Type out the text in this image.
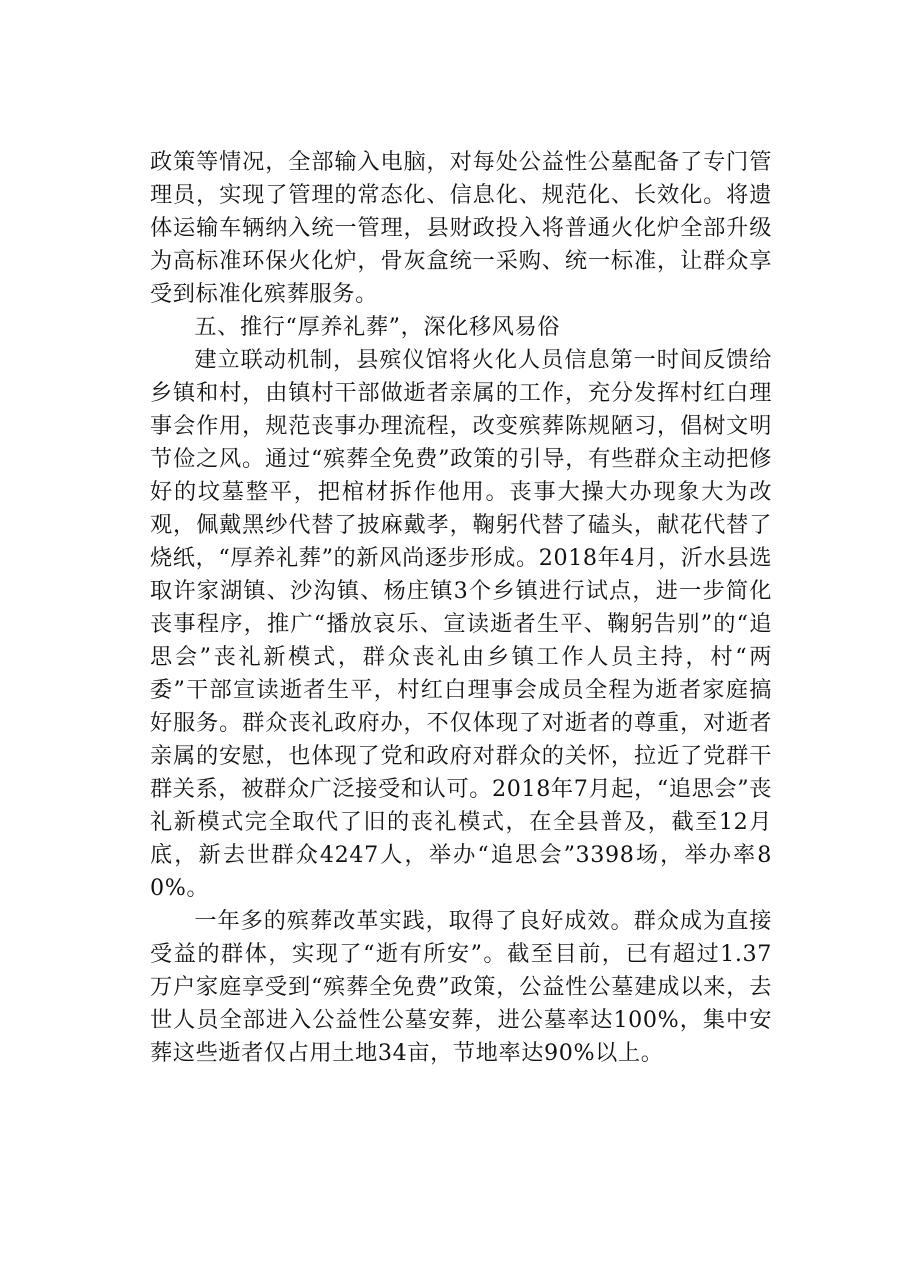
政策等情况，全部输入电脑，对每处公益性公墓配备了专门管理员，实现了管理的常态化、信息化、规范化、长效化。将遗体运输车辆纳入统一管理，县财政投入将普通火化炉全部升级为高标准环保火化炉，骨灰盒统一采购、统一标准，让群众享受到标准化殡葬服务。

五、推行“厚养礼葬”，深化移风易俗

建立联动机制，县殡仪馆将火化人员信息第一时间反馈给乡镇和村，由镇村干部做逝者亲属的工作，充分发挥村红白理事会作用，规范丧事办理流程，改变殡葬陈规陋习，倡树文明节俭之风。通过“殡葬全免费”政策的引导，有些群众主动把修好的坟墓整平，把棺材拆作他用。丧事大操大办现象大为改观，佩戴黑纱代替了披麻戴孝，鞠躬代替了磕头，献花代替了烧纸，“厚养礼葬”的新风尚逐步形成。2018年4月，沂水县选取许家湖镇、沙沟镇、杨庄镇3个乡镇进行试点，进一步简化丧事程序，推广“播放哀乐、宣读逝者生平、鞠躬告别”的“追思会”丧礼新模式，群众丧礼由乡镇工作人员主持，村“两委”干部宣读逝者生平，村红白理事会成员全程为逝者家庭搞好服务。群众丧礼政府办，不仅体现了对逝者的尊重，对逝者亲属的安慰，也体现了党和政府对群众的关怀，拉近了党群干群关系，被群众广泛接受和认可。2018年7月起，“追思会”丧礼新模式完全取代了旧的丧礼模式，在全县普及，截至12月底，新去世群众4247人，举办“追思会”3398场，举办率80%。

一年多的殡葬改革实践，取得了良好成效。群众成为直接受益的群体，实现了“逝有所安”。截至目前，已有超过1.37万户家庭享受到“殡葬全免费”政策，公益性公墓建成以来，去世人员全部进入公益性公墓安葬，进公墓率达100%，集中安葬这些逝者仅占用土地34亩，节地率达90%以上。
